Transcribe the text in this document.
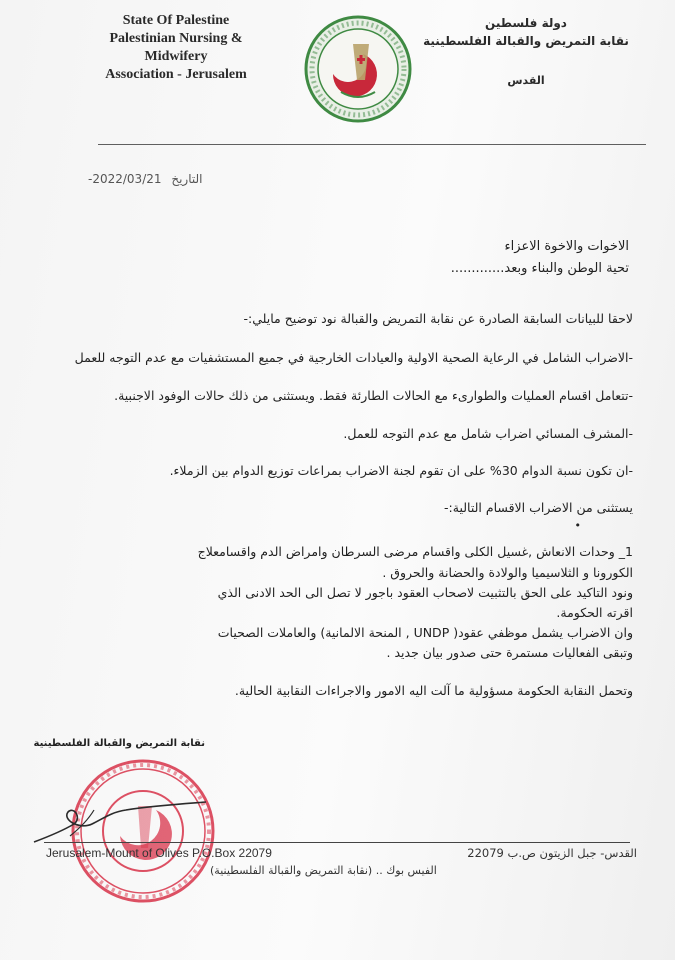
State Of Palestine
Palestinian Nursing &
Midwifery
Association - Jerusalem
دولة فلسطين
نقابة التمريض والقبالة الفلسطينية
القدس
التاريخ 2022/03/21-
الاخوات والاخوة الاعزاء
تحية الوطن والبناء وبعد.............
لاحقا للبيانات السابقة الصادرة عن نقابة التمريض والقبالة نود توضيح مايلي:-
-الاضراب الشامل في الرعاية الصحية الاولية والعيادات الخارجية في جميع المستشفيات مع عدم التوجه للعمل
-تتعامل اقسام العمليات والطوارىء مع الحالات الطارئة فقط. ويستثنى من ذلك حالات الوفود الاجنبية.
-المشرف المسائي اضراب شامل مع عدم التوجه للعمل.
-ان تكون نسبة الدوام 30% على ان تقوم لجنة الاضراب بمراعات توزيع الدوام بين الزملاء.
يستثنى من الاضراب الاقسام التالية:-
•
1_ وحدات الانعاش ,غسيل الكلى واقسام مرضى السرطان وامراض الدم واقسامعلاج
الكورونا و الثلاسيميا والولادة والحضانة والحروق .
ونود التاكيد على الحق بالتثبيت لاصحاب العقود باجور لا تصل الى الحد الادنى الذي
اقرته الحكومة.
وان الاضراب يشمل موظفي عقود( UNDP , المنحة الالمانية) والعاملات الصحيات
وتبقى الفعاليات مستمرة حتى صدور بيان جديد .
وتحمل النقابة الحكومة مسؤولية ما آلت اليه الامور والاجراءات النقابية الحالية.
نقابة التمريض والقبالة الفلسطينية
Jerusalem-Mount of Olives P.O.Box 22079	القدس- جبل الزيتون ص.ب 22079
الفيس بوك .. (نقابة التمريض والقبالة الفلسطينية)
